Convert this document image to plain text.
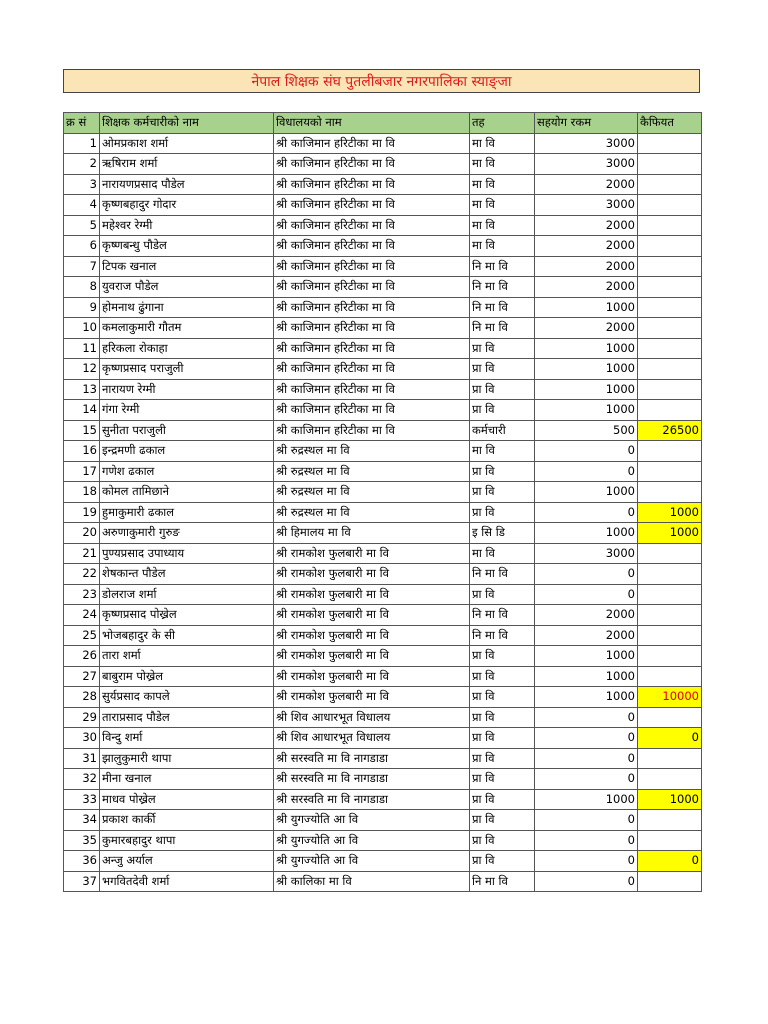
नेपाल शिक्षक संघ पुतलीबजार नगरपालिका स्याङ्जा
क्र सं	शिक्षक कर्मचारीको नाम	विधालयको नाम	तह	सहयोग रकम	कैफियत
1	ओमप्रकाश शर्मा	श्री काजिमान हरिटीका मा वि	मा वि	3000	
2	ऋषिराम शर्मा	श्री काजिमान हरिटीका मा वि	मा वि	3000	
3	नारायणप्रसाद पौडेल	श्री काजिमान हरिटीका मा वि	मा वि	2000	
4	कृष्णबहादुर गोदार	श्री काजिमान हरिटीका मा वि	मा वि	3000	
5	महेश्वर रेग्मी	श्री काजिमान हरिटीका मा वि	मा वि	2000	
6	कृष्णबन्धु पौडेल	श्री काजिमान हरिटीका मा वि	मा वि	2000	
7	टिपक खनाल	श्री काजिमान हरिटीका मा वि	नि मा वि	2000	
8	युवराज पौडेल	श्री काजिमान हरिटीका मा वि	नि मा वि	2000	
9	होमनाथ ढुंगाना	श्री काजिमान हरिटीका मा वि	नि मा वि	1000	
10	कमलाकुमारी गौतम	श्री काजिमान हरिटीका मा वि	नि मा वि	2000	
11	हरिकला रोकाहा	श्री काजिमान हरिटीका मा वि	प्रा वि	1000	
12	कृष्णप्रसाद पराजुली	श्री काजिमान हरिटीका मा वि	प्रा वि	1000	
13	नारायण रेग्मी	श्री काजिमान हरिटीका मा वि	प्रा वि	1000	
14	गंगा रेग्मी	श्री काजिमान हरिटीका मा वि	प्रा वि	1000	
15	सुनीता पराजुली	श्री काजिमान हरिटीका मा वि	कर्मचारी	500	26500
16	इन्द्रमणी ढकाल	श्री रुद्रस्थल मा वि	मा वि	0	
17	गणेश ढकाल	श्री रुद्रस्थल मा वि	प्रा वि	0	
18	कोमल तामिछाने	श्री रुद्रस्थल मा वि	प्रा वि	1000	
19	हुमाकुमारी ढकाल	श्री रुद्रस्थल मा वि	प्रा वि	0	1000
20	अरुणाकुमारी गुरुङ	श्री हिमालय मा वि	इ सि डि	1000	1000
21	पुण्यप्रसाद उपाध्याय	श्री रामकोश फुलबारी मा वि	मा वि	3000	
22	शेषकान्त पौडेल	श्री रामकोश फुलबारी मा वि	नि मा वि	0	
23	डोलराज शर्मा	श्री रामकोश फुलबारी मा वि	प्रा वि	0	
24	कृष्णप्रसाद पोख्रेल	श्री रामकोश फुलबारी मा वि	नि मा वि	2000	
25	भोजबहादुर के सी	श्री रामकोश फुलबारी मा वि	नि मा वि	2000	
26	तारा शर्मा	श्री रामकोश फुलबारी मा वि	प्रा वि	1000	
27	बाबुराम पोख्रेल	श्री रामकोश फुलबारी मा वि	प्रा वि	1000	
28	सुर्यप्रसाद कापले	श्री रामकोश फुलबारी मा वि	प्रा वि	1000	10000
29	ताराप्रसाद पौडेल	श्री शिव आधारभूत विधालय	प्रा वि	0	
30	विन्दु शर्मा	श्री शिव आधारभूत विधालय	प्रा वि	0	0
31	झालुकुमारी थापा	श्री सरस्वति मा वि नागडाडा	प्रा वि	0	
32	मीना खनाल	श्री सरस्वति मा वि नागडाडा	प्रा वि	0	
33	माधव पोख्रेल	श्री सरस्वति मा वि नागडाडा	प्रा वि	1000	1000
34	प्रकाश कार्की	श्री युगज्योति आ वि	प्रा वि	0	
35	कुमारबहादुर थापा	श्री युगज्योति आ वि	प्रा वि	0	
36	अन्जु अर्याल	श्री युगज्योति आ वि	प्रा वि	0	0
37	भगवितदेवी शर्मा	श्री कालिका मा वि	नि मा वि	0	
